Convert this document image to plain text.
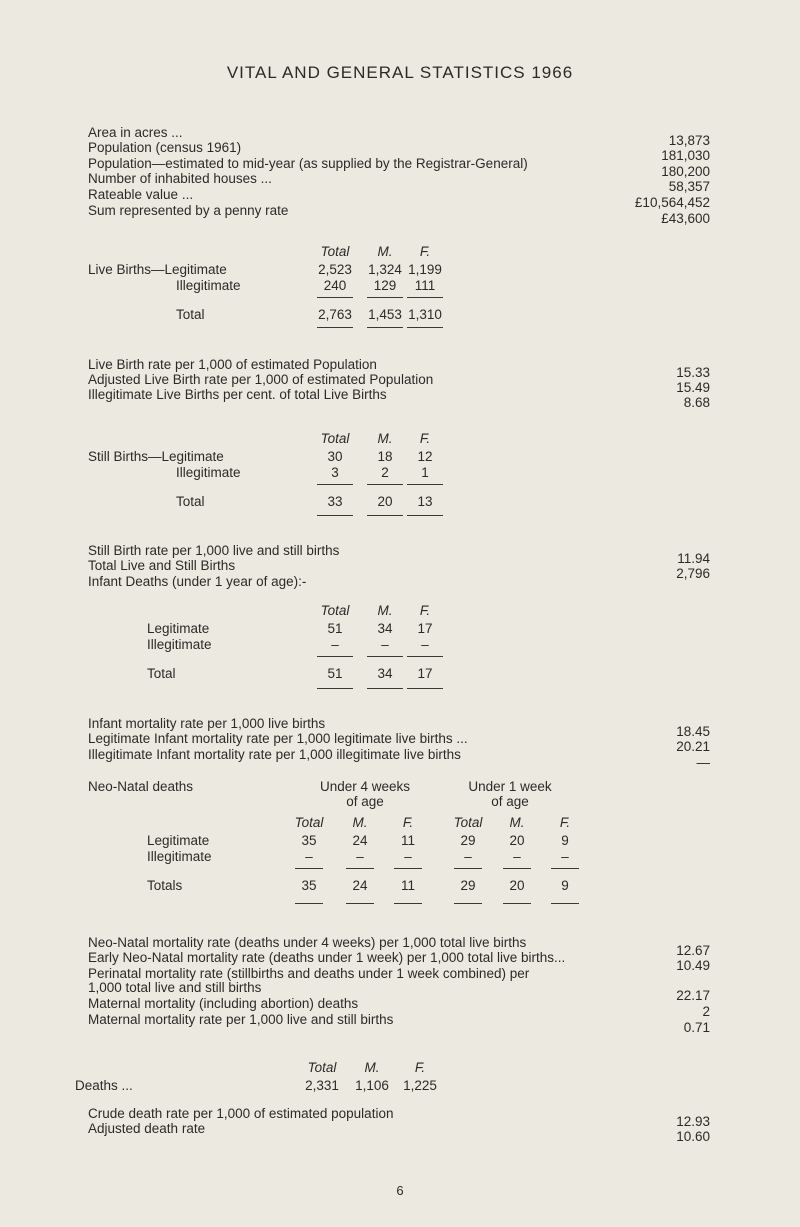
VITAL AND GENERAL STATISTICS 1966
Area in acres ...
13,873
Population (census 1961)
181,030
Population—estimated to mid-year (as supplied by the Registrar-General)
180,200
Number of inhabited houses ...
58,357
Rateable value ...
£10,564,452
Sum represented by a penny rate
£43,600
Total	M.	F.
Live Births—Legitimate	2,523	1,324 1,199
Illegitimate	240	129	111
Total	2,763	1,453 1,310
Live Birth rate per 1,000 of estimated Population
15.33
Adjusted Live Birth rate per 1,000 of estimated Population
15.49
Illegitimate Live Births per cent. of total Live Births
8.68
Total	M.	F.
Still Births—Legitimate	30	18	12
Illegitimate	3	2	1
Total	33	20	13
Still Birth rate per 1,000 live and still births
11.94
Total Live and Still Births
2,796
Infant Deaths (under 1 year of age):-
Total	M.	F.
Legitimate	51	34	17
Illegitimate	–	–	–
Total	51	34	17
Infant mortality rate per 1,000 live births
18.45
Legitimate Infant mortality rate per 1,000 legitimate live births ...
20.21
Illegitimate Infant mortality rate per 1,000 illegitimate live births
—
Neo-Natal deaths	Under 4 weeks
of age
Under 1 week
of age
Total	M.	F.	Total	M.	F.
Legitimate	35	24	11	29	20	9
Illegitimate	–	–	–	–	–	–
Totals	35	24	11	29	20	9
Neo-Natal mortality rate (deaths under 4 weeks) per 1,000 total live births
12.67
Early Neo-Natal mortality rate (deaths under 1 week) per 1,000 total live births...
10.49
Perinatal mortality rate (stillbirths and deaths under 1 week combined) per
1,000 total live and still births
22.17
Maternal mortality (including abortion) deaths
2
Maternal mortality rate per 1,000 live and still births
0.71
Total	M.	F.
Deaths ...	2,331	1,106	1,225
Crude death rate per 1,000 of estimated population
12.93
Adjusted death rate
10.60
6
